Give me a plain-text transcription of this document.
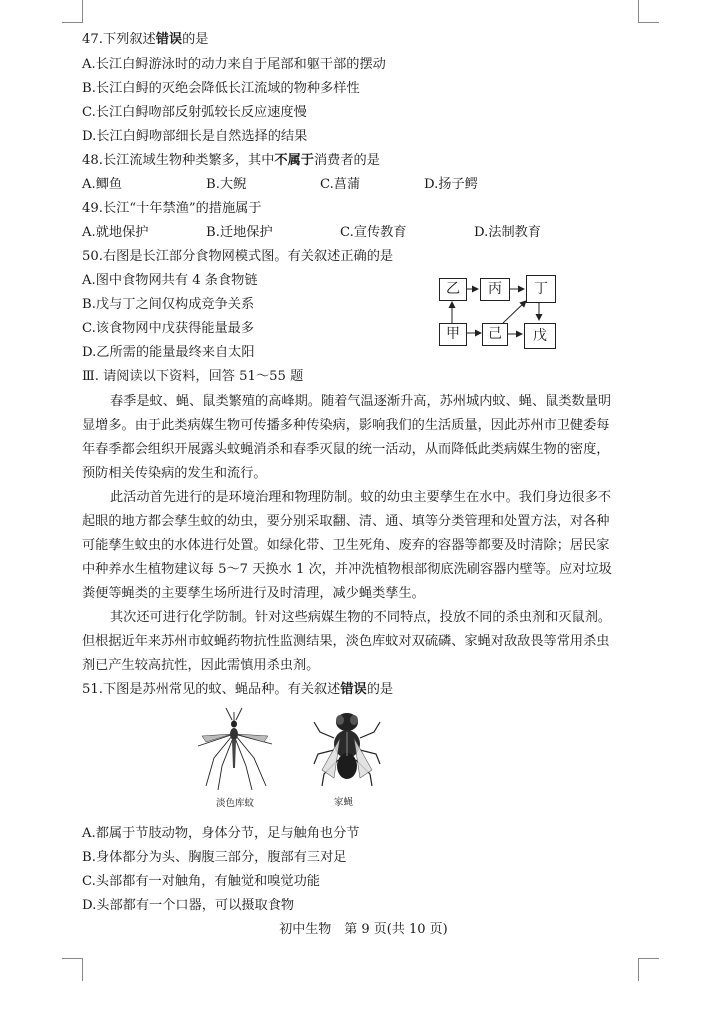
47.下列叙述错误的是
A.长江白鲟游泳时的动力来自于尾部和躯干部的摆动
B.长江白鲟的灭绝会降低长江流域的物种多样性
C.长江白鲟吻部反射弧较长反应速度慢
D.长江白鲟吻部细长是自然选择的结果
48.长江流域生物种类繁多，其中不属于消费者的是
A.鲫鱼	B.大鲵	C.菖蒲	D.扬子鳄
49.长江“十年禁渔”的措施属于
A.就地保护	B.迁地保护	C.宣传教育	D.法制教育
50.右图是长江部分食物网模式图。有关叙述正确的是
A.图中食物网共有 4 条食物链
B.戊与丁之间仅构成竞争关系
C.该食物网中戊获得能量最多
D.乙所需的能量最终来自太阳
乙	丙	丁
甲	己	戊
Ⅲ. 请阅读以下资料，回答 51～55 题
春季是蚊、蝇、鼠类繁殖的高峰期。随着气温逐渐升高，苏州城内蚊、蝇、鼠类数量明
显增多。由于此类病媒生物可传播多种传染病，影响我们的生活质量，因此苏州市卫健委每
年春季都会组织开展露头蚊蝇消杀和春季灭鼠的统一活动，从而降低此类病媒生物的密度，
预防相关传染病的发生和流行。
此活动首先进行的是环境治理和物理防制。蚊的幼虫主要孳生在水中。我们身边很多不
起眼的地方都会孳生蚊的幼虫，要分别采取翻、清、通、填等分类管理和处置方法，对各种
可能孳生蚊虫的水体进行处置。如绿化带、卫生死角、废弃的容器等都要及时清除；居民家
中种养水生植物建议每 5～7 天换水 1 次，并冲洗植物根部彻底洗刷容器内壁等。应对垃圾
粪便等蝇类的主要孳生场所进行及时清理，减少蝇类孳生。
其次还可进行化学防制。针对这些病媒生物的不同特点，投放不同的杀虫剂和灭鼠剂。
但根据近年来苏州市蚊蝇药物抗性监测结果，淡色库蚊对双硫磷、家蝇对敌敌畏等常用杀虫
剂已产生较高抗性，因此需慎用杀虫剂。
51.下图是苏州常见的蚊、蝇品种。有关叙述错误的是
淡色库蚊	家蝇
A.都属于节肢动物，身体分节，足与触角也分节
B.身体都分为头、胸腹三部分，腹部有三对足
C.头部都有一对触角，有触觉和嗅觉功能
D.头部都有一个口器，可以摄取食物
初中生物　第 9 页(共 10 页)
